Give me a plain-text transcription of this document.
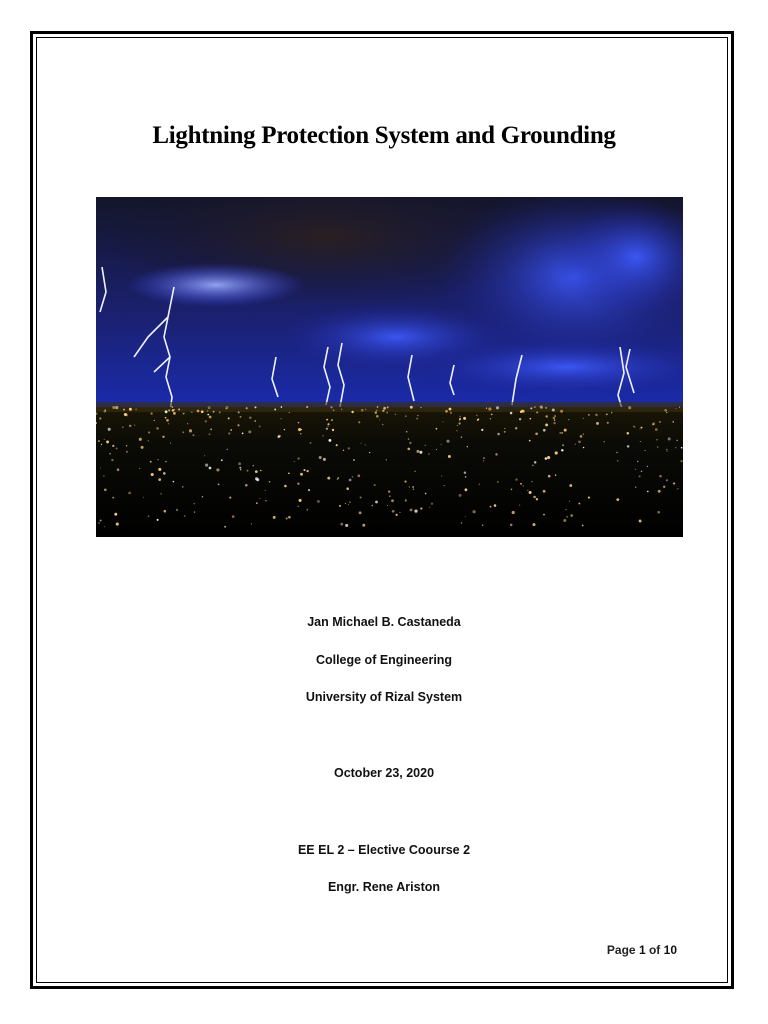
Lightning Protection System and Grounding
Jan Michael B. Castaneda
College of Engineering
University of Rizal System
October 23, 2020
EE EL 2 – Elective Coourse 2
Engr. Rene Ariston
Page 1 of 10
